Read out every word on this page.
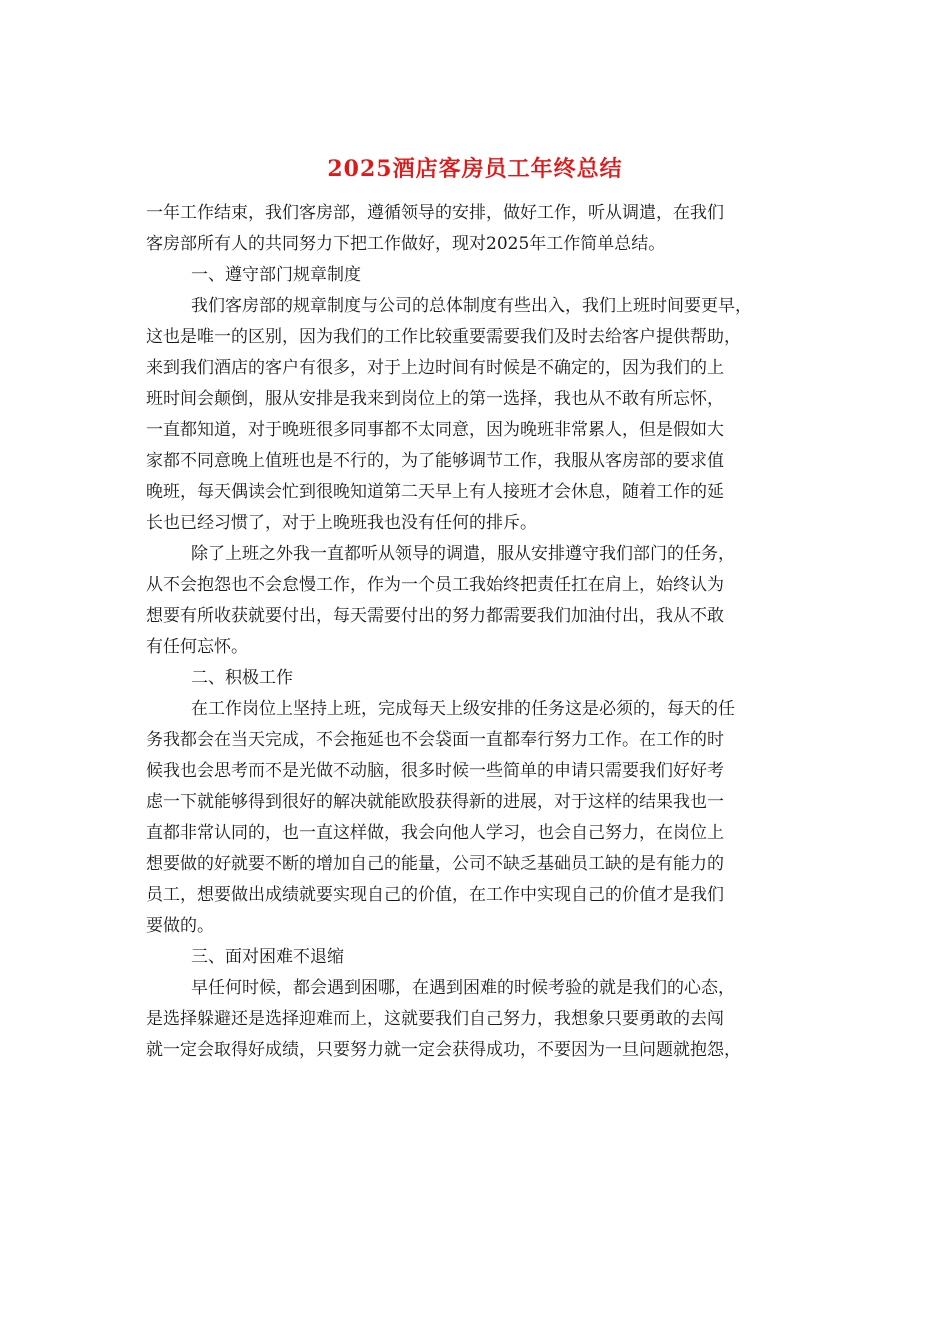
2025酒店客房员工年终总结
一年工作结束，我们客房部，遵循领导的安排，做好工作，听从调遣，在我们
客房部所有人的共同努力下把工作做好，现对2025年工作简单总结。
一、遵守部门规章制度
我们客房部的规章制度与公司的总体制度有些出入，我们上班时间要更早，
这也是唯一的区别，因为我们的工作比较重要需要我们及时去给客户提供帮助，
来到我们酒店的客户有很多，对于上边时间有时候是不确定的，因为我们的上
班时间会颠倒，服从安排是我来到岗位上的第一选择，我也从不敢有所忘怀，
一直都知道，对于晚班很多同事都不太同意，因为晚班非常累人，但是假如大
家都不同意晚上值班也是不行的，为了能够调节工作，我服从客房部的要求值
晚班，每天偶读会忙到很晚知道第二天早上有人接班才会休息，随着工作的延
长也已经习惯了，对于上晚班我也没有任何的排斥。
除了上班之外我一直都听从领导的调遣，服从安排遵守我们部门的任务，
从不会抱怨也不会怠慢工作，作为一个员工我始终把责任扛在肩上，始终认为
想要有所收获就要付出，每天需要付出的努力都需要我们加油付出，我从不敢
有任何忘怀。
二、积极工作
在工作岗位上坚持上班，完成每天上级安排的任务这是必须的，每天的任
务我都会在当天完成，不会拖延也不会袋面一直都奉行努力工作。在工作的时
候我也会思考而不是光做不动脑，很多时候一些简单的申请只需要我们好好考
虑一下就能够得到很好的解决就能欧股获得新的进展，对于这样的结果我也一
直都非常认同的，也一直这样做，我会向他人学习，也会自己努力，在岗位上
想要做的好就要不断的增加自己的能量，公司不缺乏基础员工缺的是有能力的
员工，想要做出成绩就要实现自己的价值，在工作中实现自己的价值才是我们
要做的。
三、面对困难不退缩
早任何时候，都会遇到困哪，在遇到困难的时候考验的就是我们的心态，
是选择躲避还是选择迎难而上，这就要我们自己努力，我想象只要勇敢的去闯
就一定会取得好成绩，只要努力就一定会获得成功，不要因为一旦问题就抱怨，
